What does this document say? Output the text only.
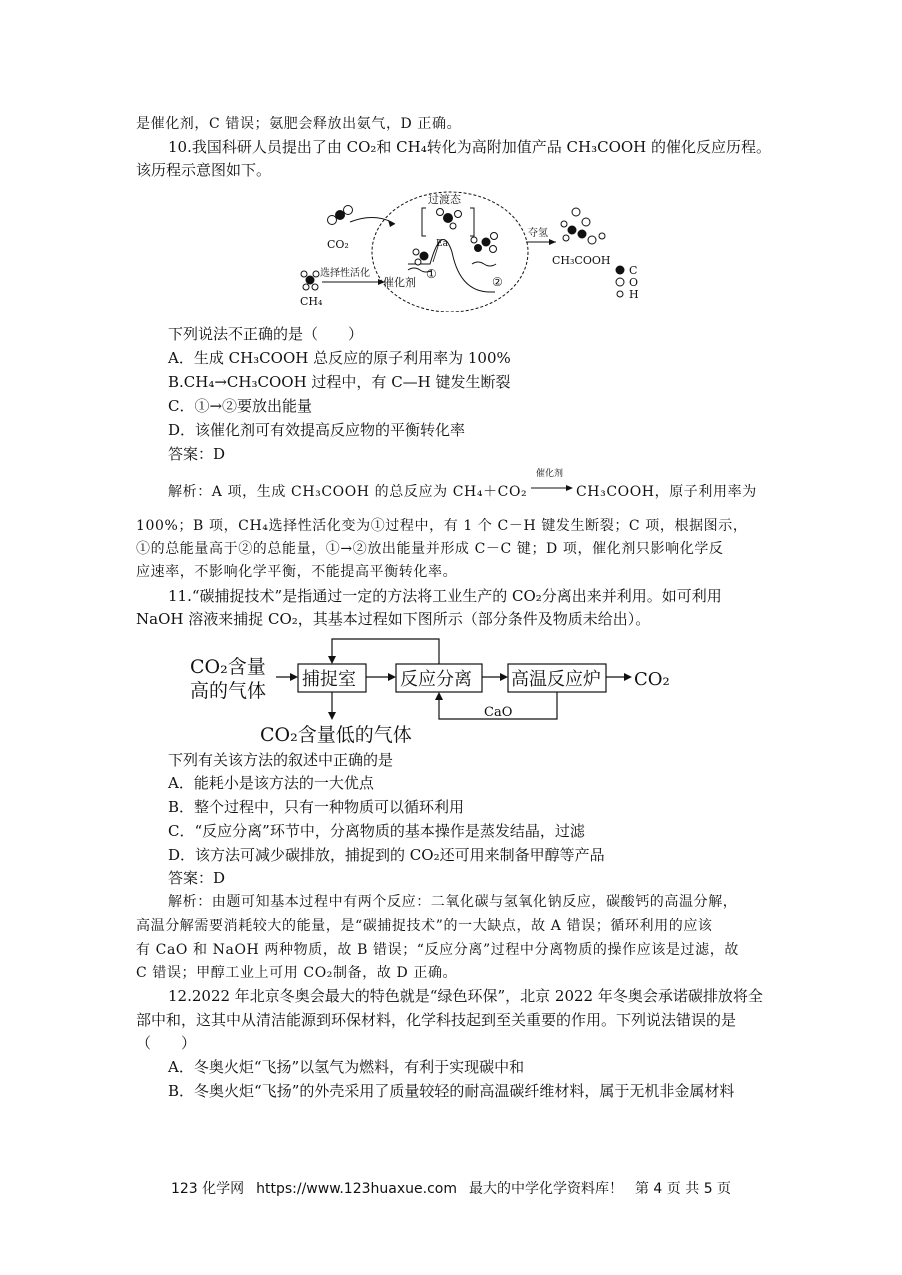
是催化剂，C 错误；氨肥会释放出氨气，D 正确。
10.我国科研人员提出了由 CO₂和 CH₄转化为高附加值产品 CH₃COOH 的催化反应历程。
该历程示意图如下。
CO₂
CH₄
选择性活化
催化剂
过渡态
Ea
①
②
夺氢
CH₃COOH
C
O
H
下列说法不正确的是（　　）
A．生成 CH₃COOH 总反应的原子利用率为 100%
B.CH₄→CH₃COOH 过程中，有 C—H 键发生断裂
C．①→②要放出能量
D．该催化剂可有效提高反应物的平衡转化率
答案：D
解析：A 项，生成 CH₃COOH 的总反应为 CH₄＋CO₂
催化剂
→ CH₃COOH，原子利用率为
100%；B 项，CH₄选择性活化变为①过程中，有 1 个 C－H 键发生断裂；C 项，根据图示，
①的总能量高于②的总能量，①→②放出能量并形成 C－C 键；D 项，催化剂只影响化学反
应速率，不影响化学平衡，不能提高平衡转化率。
11.“碳捕捉技术”是指通过一定的方法将工业生产的 CO₂分离出来并利用。如可利用
NaOH 溶液来捕捉 CO₂，其基本过程如下图所示（部分条件及物质未给出）。
CO₂含量
高的气体
捕捉室 反应分离 高温反应炉 CO₂
CaO
CO₂含量低的气体
下列有关该方法的叙述中正确的是
A．能耗小是该方法的一大优点
B．整个过程中，只有一种物质可以循环利用
C．“反应分离”环节中，分离物质的基本操作是蒸发结晶，过滤
D．该方法可减少碳排放，捕捉到的 CO₂还可用来制备甲醇等产品
答案：D
解析：由题可知基本过程中有两个反应：二氧化碳与氢氧化钠反应，碳酸钙的高温分解，
高温分解需要消耗较大的能量，是“碳捕捉技术”的一大缺点，故 A 错误；循环利用的应该
有 CaO 和 NaOH 两种物质，故 B 错误；“反应分离”过程中分离物质的操作应该是过滤，故
C 错误；甲醇工业上可用 CO₂制备，故 D 正确。
12.2022 年北京冬奥会最大的特色就是“绿色环保”，北京 2022 年冬奥会承诺碳排放将全
部中和，这其中从清洁能源到环保材料，化学科技起到至关重要的作用。下列说法错误的是
（　　）
A．冬奥火炬“飞扬”以氢气为燃料，有利于实现碳中和
B．冬奥火炬“飞扬”的外壳采用了质量较轻的耐高温碳纤维材料，属于无机非金属材料
123 化学网 https://www.123huaxue.com 最大的中学化学资料库！ 第 4 页 共 5 页
